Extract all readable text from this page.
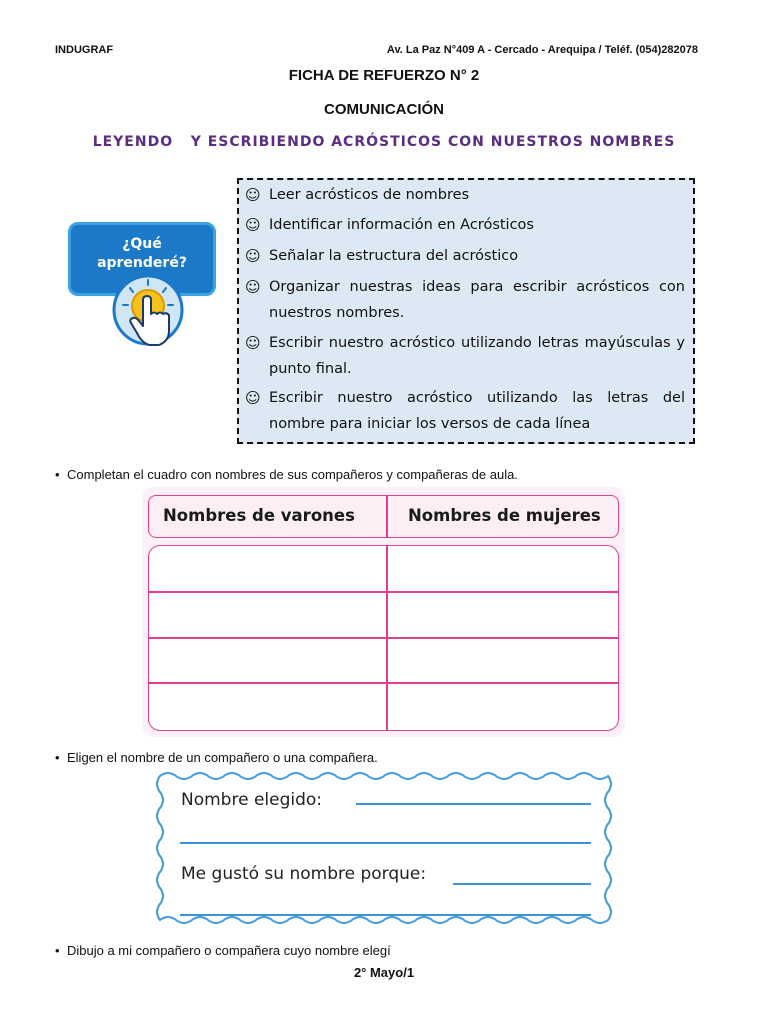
INDUGRAF	Av. La Paz N°409 A - Cercado - Arequipa / Teléf. (054)282078
FICHA DE REFUERZO N° 2
COMUNICACIÓN
LEYENDO   Y ESCRIBIENDO ACRÓSTICOS CON NUESTROS NOMBRES
¿Qué
aprenderé?
☺ Leer acrósticos de nombres
☺ Identificar información en Acrósticos
☺ Señalar la estructura del acróstico
☺ Organizar nuestras ideas para escribir acrósticos con nuestros nombres.
☺ Escribir nuestro acróstico utilizando letras mayúsculas y punto final.
☺ Escribir nuestro acróstico utilizando las letras del nombre para iniciar los versos de cada línea
• Completan el cuadro con nombres de sus compañeros y compañeras de aula.
Nombres de varones	Nombres de mujeres
• Eligen el nombre de un compañero o una compañera.
Nombre elegido:
Me gustó su nombre porque:
• Dibujo a mi compañero o compañera cuyo nombre elegí
2° Mayo/1
